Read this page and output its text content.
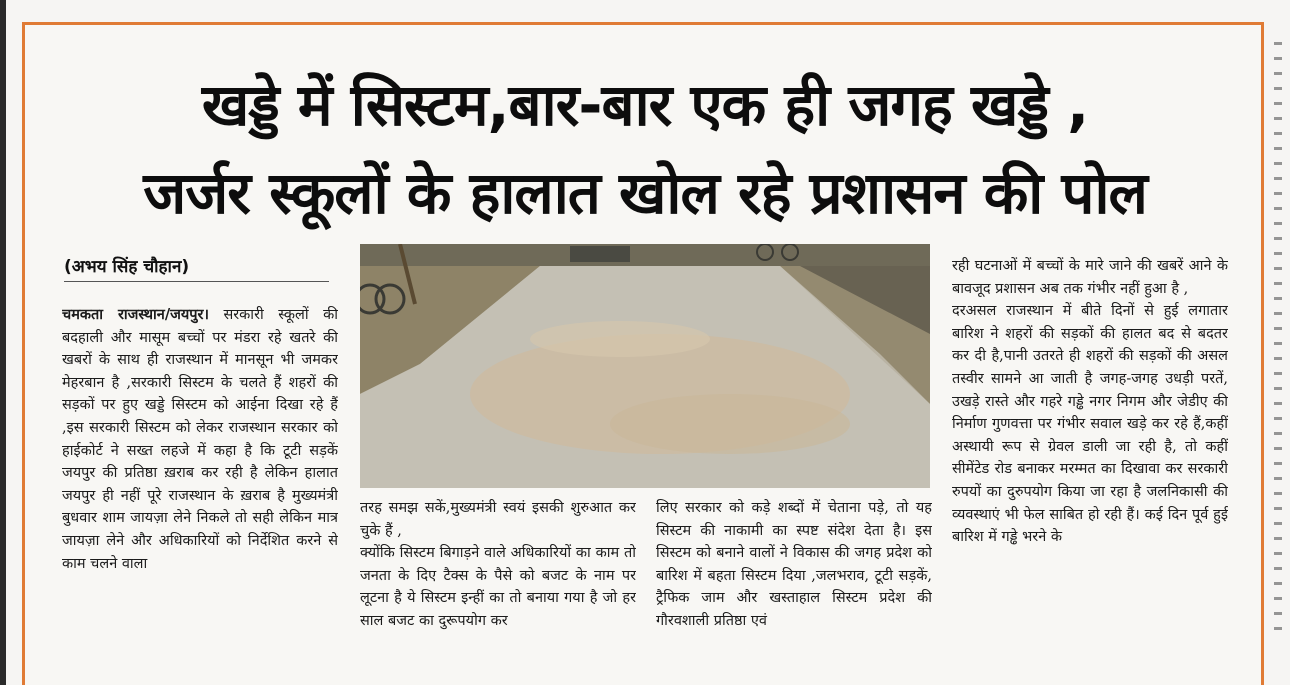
खड्डे में सिस्टम,बार-बार एक ही जगह खड्डे ,
जर्जर स्कूलों के हालात खोल रहे प्रशासन की पोल
(अभय सिंह चौहान)

चमकता राजस्थान/जयपुर। सरकारी स्कूलों की बदहाली और मासूम बच्चों पर मंडरा रहे खतरे की खबरों के साथ ही राजस्थान में मानसून भी जमकर मेहरबान है ,सरकारी सिस्टम के चलते हैं शहरों की सड़कों पर हुए खड्डे सिस्टम को आईना दिखा रहे हैं ,इस सरकारी सिस्टम को लेकर राजस्थान सरकार को हाईकोर्ट ने सख्त लहजे में कहा है कि टूटी सड़कें जयपुर की प्रतिष्ठा ख़राब कर रही है लेकिन हालात जयपुर ही नहीं पूरे राजस्थान के ख़राब है मुख्यमंत्री बुधवार शाम जायज़ा लेने निकले तो सही लेकिन मात्र जायज़ा लेने और अधिकारियों को निर्देशित करने से काम चलने वाला

तरह समझ सकें,मुख्यमंत्री स्वयं इसकी शुरुआत कर चुके हैं ,

क्योंकि सिस्टम बिगाड़ने वाले अधिकारियों का काम तो जनता के दिए टैक्स के पैसे को बजट के नाम पर लूटना है ये सिस्टम इन्हीं का तो बनाया गया है जो हर साल बजट का दुरूपयोग कर

लिए सरकार को कड़े शब्दों में चेताना पड़े, तो यह सिस्टम की नाकामी का स्पष्ट संदेश देता है। इस सिस्टम को बनाने वालों ने विकास की जगह प्रदेश को बारिश में बहता सिस्टम दिया ,जलभराव, टूटी सड़कें, ट्रैफिक जाम और खस्ताहाल सिस्टम प्रदेश की गौरवशाली प्रतिष्ठा एवं

रही घटनाओं में बच्चों के मारे जाने की खबरें आने के बावजूद प्रशासन अब तक गंभीर नहीं हुआ है ,

दरअसल राजस्थान में बीते दिनों से हुई लगातार बारिश ने शहरों की सड़कों की हालत बद से बदतर कर दी है,पानी उतरते ही शहरों की सड़कों की असल तस्वीर सामने आ जाती है जगह-जगह उधड़ी परतें, उखड़े रास्ते और गहरे गड्ढे नगर निगम और जेडीए की निर्माण गुणवत्ता पर गंभीर सवाल खड़े कर रहे हैं,कहीं अस्थायी रूप से ग्रेवल डाली जा रही है, तो कहीं सीमेंटेड रोड बनाकर मरम्मत का दिखावा कर सरकारी रुपयों का दुरुपयोग किया जा रहा है जलनिकासी की व्यवस्थाएं भी फेल साबित हो रही हैं। कई दिन पूर्व हुई बारिश में गड्ढे भरने के
